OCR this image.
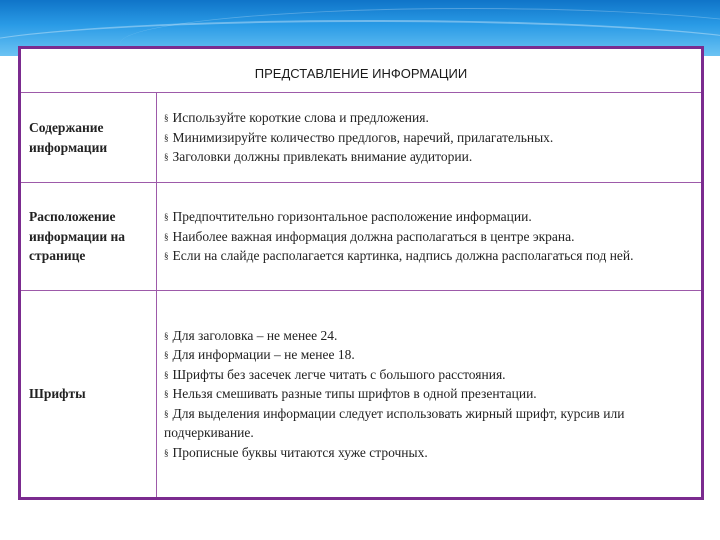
ПРЕДСТАВЛЕНИЕ ИНФОРМАЦИИ
Содержание информации
§ Используйте короткие слова и предложения.
§ Минимизируйте количество предлогов, наречий, прилагательных.
§ Заголовки должны привлекать внимание аудитории.
Расположение информации на странице
§ Предпочтительно горизонтальное расположение информации.
§ Наиболее важная информация должна располагаться в центре экрана.
§ Если на слайде располагается картинка, надпись должна располагаться под ней.
Шрифты
§ Для заголовка – не менее 24.
§ Для информации – не менее 18.
§ Шрифты без засечек легче читать с большого расстояния.
§ Нельзя смешивать разные типы шрифтов в одной презентации.
§ Для выделения информации следует использовать жирный шрифт, курсив или подчеркивание.
§ Прописные буквы читаются хуже строчных.
